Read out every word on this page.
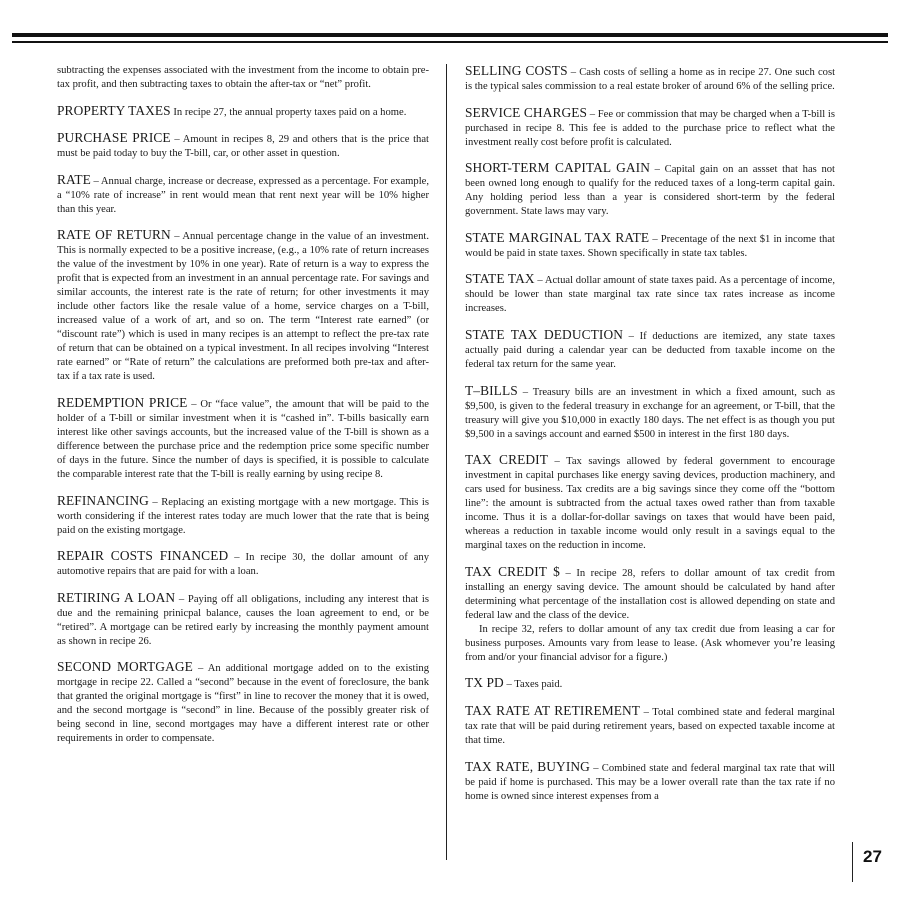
subtracting the expenses associated with the investment from the income to obtain pre-tax profit, and then subtracting taxes to obtain the after-tax or “net” profit.

PROPERTY TAXES In recipe 27, the annual property taxes paid on a home.

PURCHASE PRICE – Amount in recipes 8, 29 and others that is the price that must be paid today to buy the T-bill, car, or other asset in question.

RATE – Annual charge, increase or decrease, expressed as a percentage. For example, a “10% rate of increase” in rent would mean that rent next year will be 10% higher than this year.

RATE OF RETURN – Annual percentage change in the value of an investment. This is normally expected to be a positive increase, (e.g., a 10% rate of return increases the value of the investment by 10% in one year). Rate of return is a way to express the profit that is expected from an investment in an annual percentage rate. For savings and similar accounts, the interest rate is the rate of return; for other investments it may include other factors like the resale value of a home, service charges on a T-bill, increased value of a work of art, and so on. The term “Interest rate earned” (or “discount rate”) which is used in many recipes is an attempt to reflect the pre-tax rate of return that can be obtained on a typical investment. In all recipes involving “Interest rate earned” or “Rate of return” the calculations are preformed both pre-tax and after-tax if a tax rate is used.

REDEMPTION PRICE – Or “face value”, the amount that will be paid to the holder of a T-bill or similar investment when it is “cashed in”. T-bills basically earn interest like other savings accounts, but the increased value of the T-bill is shown as a difference between the purchase price and the redemption price some specific number of days in the future. Since the number of days is specified, it is possible to calculate the comparable interest rate that the T-bill is really earning by using recipe 8.

REFINANCING – Replacing an existing mortgage with a new mortgage. This is worth considering if the interest rates today are much lower that the rate that is being paid on the existing mortgage.

REPAIR COSTS FINANCED – In recipe 30, the dollar amount of any automotive repairs that are paid for with a loan.

RETIRING A LOAN – Paying off all obligations, including any interest that is due and the remaining prinicpal balance, causes the loan agreement to end, or be “retired”. A mortgage can be retired early by increasing the monthly payment amount as shown in recipe 26.

SECOND MORTGAGE – An additional mortgage added on to the existing mortgage in recipe 22. Called a “second” because in the event of foreclosure, the bank that granted the original mortgage is “first” in line to recover the money that it is owed, and the second mortgage is “second” in line. Because of the possibly greater risk of being second in line, second mortgages may have a different interest rate or other requirements in order to compensate.

SELLING COSTS – Cash costs of selling a home as in recipe 27. One such cost is the typical sales commission to a real estate broker of around 6% of the selling price.

SERVICE CHARGES – Fee or commission that may be charged when a T-bill is purchased in recipe 8. This fee is added to the purchase price to reflect what the investment really cost before profit is calculated.

SHORT-TERM CAPITAL GAIN – Capital gain on an assset that has not been owned long enough to qualify for the reduced taxes of a long-term capital gain. Any holding period less than a year is considered short-term by the federal government. State laws may vary.

STATE MARGINAL TAX RATE – Precentage of the next $1 in income that would be paid in state taxes. Shown specifically in state tax tables.

STATE TAX – Actual dollar amount of state taxes paid. As a percentage of income, should be lower than state marginal tax rate since tax rates increase as income increases.

STATE TAX DEDUCTION – If deductions are itemized, any state taxes actually paid during a calendar year can be deducted from taxable income on the federal tax return for the same year.

T–BILLS – Treasury bills are an investment in which a fixed amount, such as $9,500, is given to the federal treasury in exchange for an agreement, or T-bill, that the treasury will give you $10,000 in exactly 180 days. The net effect is as though you put $9,500 in a savings account and earned $500 in interest in the first 180 days.

TAX CREDIT – Tax savings allowed by federal government to encourage investment in capital purchases like energy saving devices, production machinery, and cars used for business. Tax credits are a big savings since they come off the “bottom line”: the amount is subtracted from the actual taxes owed rather than from taxable income. Thus it is a dollar-for-dollar savings on taxes that would have been paid, whereas a reduction in taxable income would only result in a savings equal to the marginal taxes on the reduction in income.

TAX CREDIT $ – In recipe 28, refers to dollar amount of tax credit from installing an energy saving device. The amount should be calculated by hand after determining what percentage of the installation cost is allowed depending on state and federal law and the class of the device.

In recipe 32, refers to dollar amount of any tax credit due from leasing a car for business purposes. Amounts vary from lease to lease. (Ask whomever you’re leasing from and/or your financial advisor for a figure.)

TX PD – Taxes paid.

TAX RATE AT RETIREMENT – Total combined state and federal marginal tax rate that will be paid during retirement years, based on expected taxable income at that time.

TAX RATE, BUYING – Combined state and federal marginal tax rate that will be paid if home is purchased. This may be a lower overall rate than the tax rate if no home is owned since interest expenses from a

27
